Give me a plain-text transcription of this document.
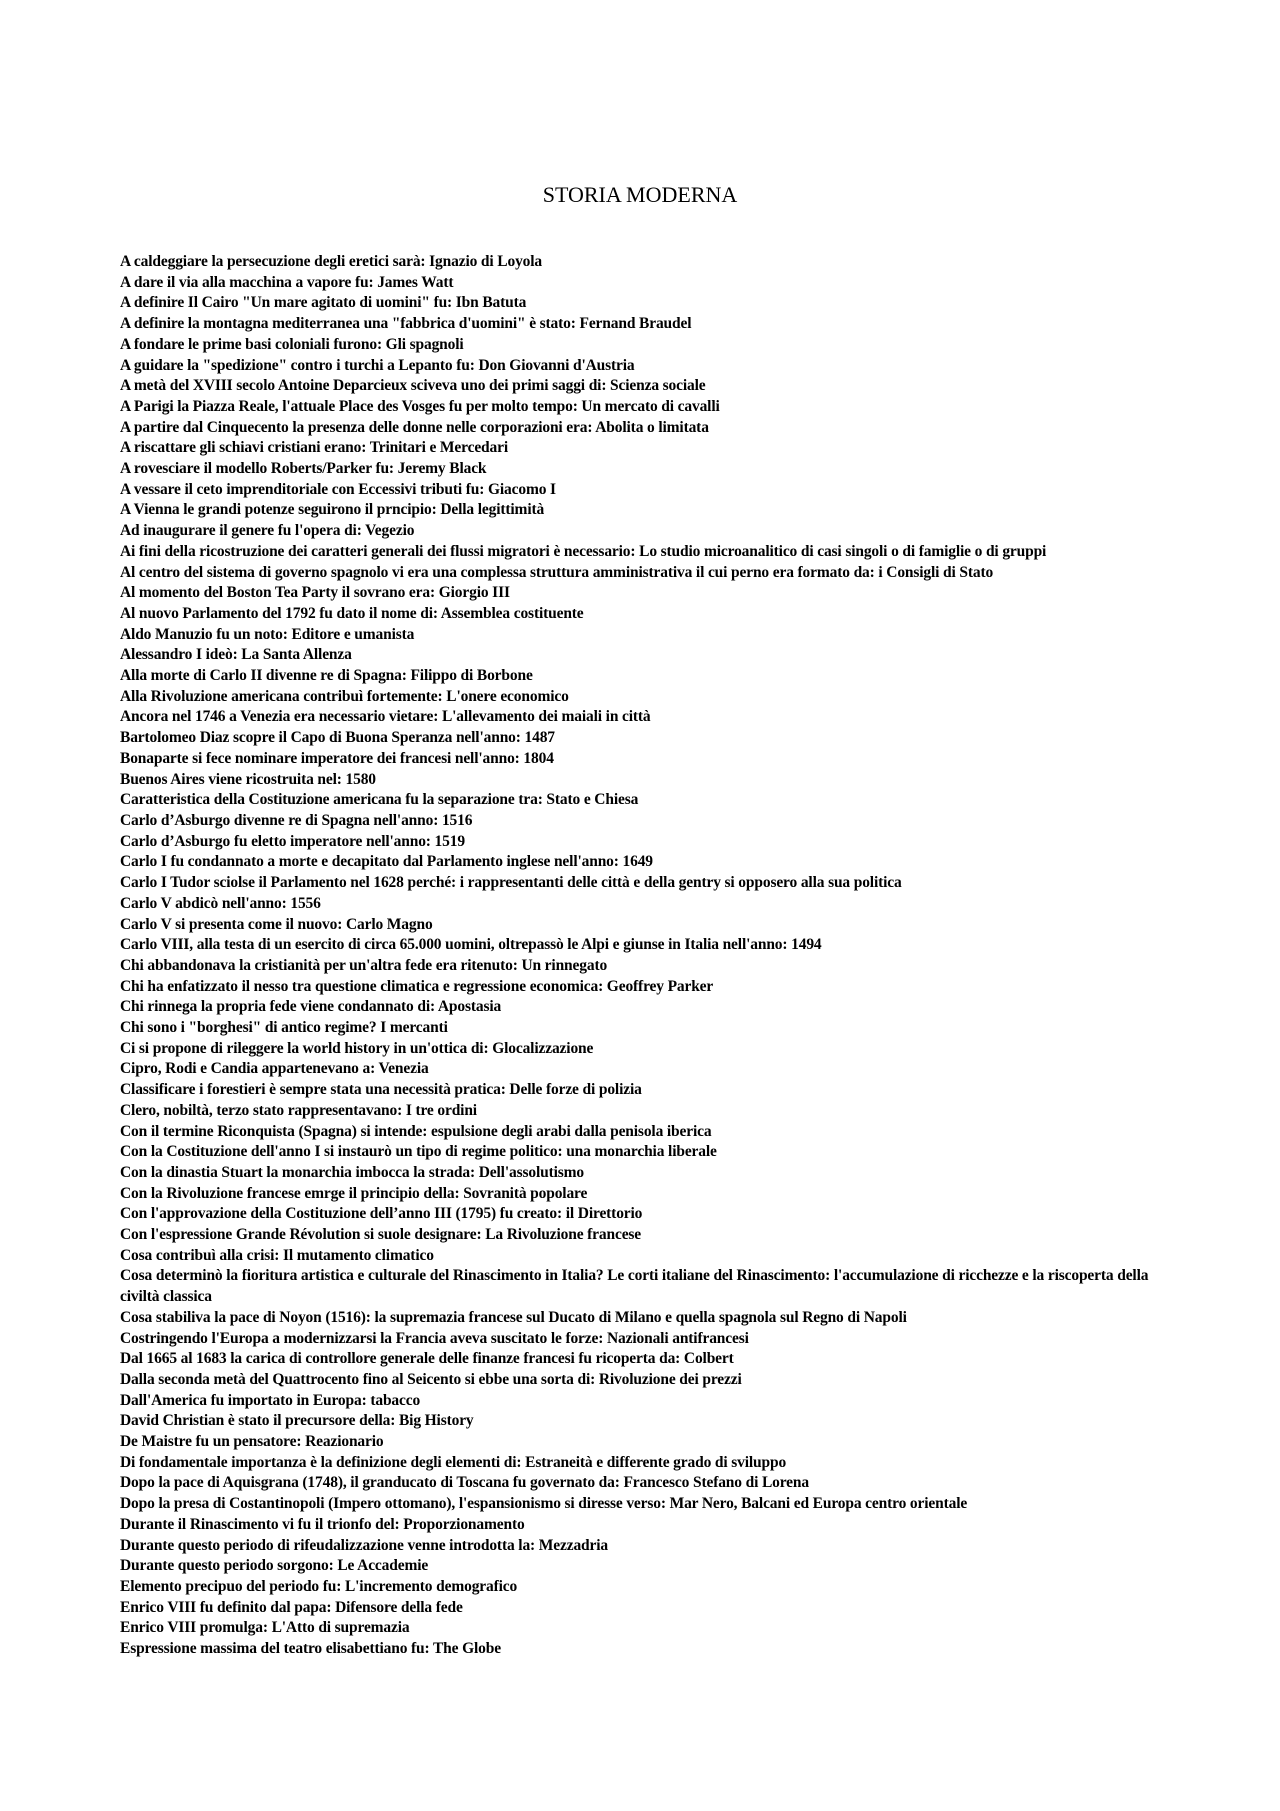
STORIA MODERNA
A caldeggiare la persecuzione degli eretici sarà: Ignazio di Loyola
A dare il via alla macchina a vapore fu: James Watt
A definire Il Cairo "Un mare agitato di uomini" fu: Ibn Batuta
A definire la montagna mediterranea una "fabbrica d'uomini" è stato: Fernand Braudel
A fondare le prime basi coloniali furono: Gli spagnoli
A guidare la "spedizione" contro i turchi a Lepanto fu: Don Giovanni d'Austria
A metà del XVIII secolo Antoine Deparcieux sciveva uno dei primi saggi di: Scienza sociale
A Parigi la Piazza Reale, l'attuale Place des Vosges fu per molto tempo: Un mercato di cavalli
A partire dal Cinquecento la presenza delle donne nelle corporazioni era: Abolita o limitata
A riscattare gli schiavi cristiani erano: Trinitari e Mercedari
A rovesciare il modello Roberts/Parker fu: Jeremy Black
A vessare il ceto imprenditoriale con Eccessivi tributi fu: Giacomo I
A Vienna le grandi potenze seguirono il prncipio: Della legittimità
Ad inaugurare il genere fu l'opera di: Vegezio
Ai fini della ricostruzione dei caratteri generali dei flussi migratori è necessario: Lo studio microanalitico di casi singoli o di famiglie o di gruppi
Al centro del sistema di governo spagnolo vi era una complessa struttura amministrativa il cui perno era formato da: i Consigli di Stato
Al momento del Boston Tea Party il sovrano era: Giorgio III
Al nuovo Parlamento del 1792 fu dato il nome di: Assemblea costituente
Aldo Manuzio fu un noto: Editore e umanista
Alessandro I ideò: La Santa Allenza
Alla morte di Carlo II divenne re di Spagna: Filippo di Borbone
Alla Rivoluzione americana contribuì fortemente: L'onere economico
Ancora nel 1746 a Venezia era necessario vietare: L'allevamento dei maiali in città
Bartolomeo Diaz scopre il Capo di Buona Speranza nell'anno: 1487
Bonaparte si fece nominare imperatore dei francesi nell'anno: 1804
Buenos Aires viene ricostruita nel: 1580
Caratteristica della Costituzione americana fu la separazione tra: Stato e Chiesa
Carlo d’Asburgo divenne re di Spagna nell'anno: 1516
Carlo d’Asburgo fu eletto imperatore nell'anno: 1519
Carlo I fu condannato a morte e decapitato dal Parlamento inglese nell'anno: 1649
Carlo I Tudor sciolse il Parlamento nel 1628 perché: i rappresentanti delle città e della gentry si opposero alla sua politica
Carlo V abdicò nell'anno: 1556
Carlo V si presenta come il nuovo: Carlo Magno
Carlo VIII, alla testa di un esercito di circa 65.000 uomini, oltrepassò le Alpi e giunse in Italia nell'anno: 1494
Chi abbandonava la cristianità per un'altra fede era ritenuto: Un rinnegato
Chi ha enfatizzato il nesso tra questione climatica e regressione economica: Geoffrey Parker
Chi rinnega la propria fede viene condannato di: Apostasia
Chi sono i "borghesi" di antico regime? I mercanti
Ci si propone di rileggere la world history in un'ottica di: Glocalizzazione
Cipro, Rodi e Candia appartenevano a: Venezia
Classificare i forestieri è sempre stata una necessità pratica: Delle forze di polizia
Clero, nobiltà, terzo stato rappresentavano: I tre ordini
Con il termine Riconquista (Spagna) si intende: espulsione degli arabi dalla penisola iberica
Con la Costituzione dell'anno I si instaurò un tipo di regime politico: una monarchia liberale
Con la dinastia Stuart la monarchia imbocca la strada: Dell'assolutismo
Con la Rivoluzione francese emrge il principio della: Sovranità popolare
Con l'approvazione della Costituzione dell’anno III (1795) fu creato: il Direttorio
Con l'espressione Grande Révolution si suole designare: La Rivoluzione francese
Cosa contribuì alla crisi: Il mutamento climatico
Cosa determinò la fioritura artistica e culturale del Rinascimento in Italia? Le corti italiane del Rinascimento: l'accumulazione di ricchezze e la riscoperta della civiltà classica
Cosa stabiliva la pace di Noyon (1516): la supremazia francese sul Ducato di Milano e quella spagnola sul Regno di Napoli
Costringendo l'Europa a modernizzarsi la Francia aveva suscitato le forze: Nazionali antifrancesi
Dal 1665 al 1683 la carica di controllore generale delle finanze francesi fu ricoperta da: Colbert
Dalla seconda metà del Quattrocento fino al Seicento si ebbe una sorta di: Rivoluzione dei prezzi
Dall'America fu importato in Europa: tabacco
David Christian è stato il precursore della: Big History
De Maistre fu un pensatore: Reazionario
Di fondamentale importanza è la definizione degli elementi di: Estraneità e differente grado di sviluppo
Dopo la pace di Aquisgrana (1748), il granducato di Toscana fu governato da: Francesco Stefano di Lorena
Dopo la presa di Costantinopoli (Impero ottomano), l'espansionismo si diresse verso: Mar Nero, Balcani ed Europa centro orientale
Durante il Rinascimento vi fu il trionfo del: Proporzionamento
Durante questo periodo di rifeudalizzazione venne introdotta la: Mezzadria
Durante questo periodo sorgono: Le Accademie
Elemento precipuo del periodo fu: L'incremento demografico
Enrico VIII fu definito dal papa: Difensore della fede
Enrico VIII promulga: L'Atto di supremazia
Espressione massima del teatro elisabettiano fu: The Globe
